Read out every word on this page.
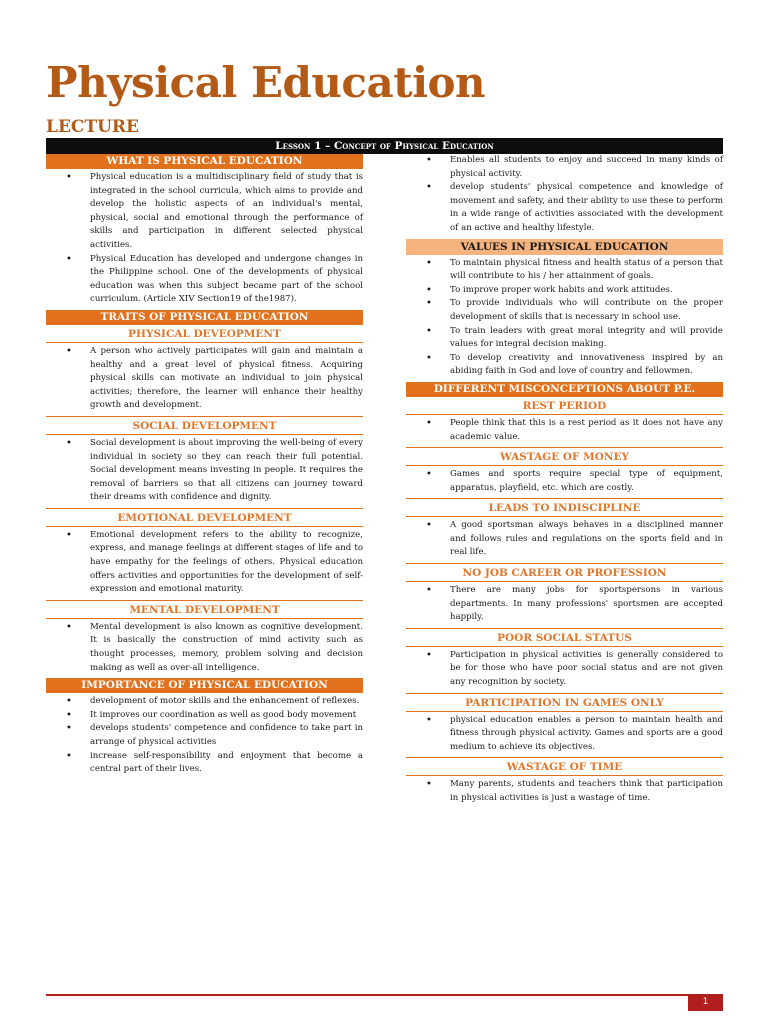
Physical Education
LECTURE
Lesson 1 – Concept of Physical Education
WHAT IS PHYSICAL EDUCATION
• Physical education is a multidisciplinary field of study that is integrated in the school curricula, which aims to provide and develop the holistic aspects of an individual's mental, physical, social and emotional through the performance of skills and participation in different selected physical activities.
• Physical Education has developed and undergone changes in the Philippine school. One of the developments of physical education was when this subject became part of the school curriculum. (Article XIV Section19 of the1987).
TRAITS OF PHYSICAL EDUCATION
PHYSICAL DEVEOPMENT
• A person who actively participates will gain and maintain a healthy and a great level of physical fitness. Acquiring physical skills can motivate an individual to join physical activities; therefore, the learner will enhance their healthy growth and development.
SOCIAL DEVELOPMENT
• Social development is about improving the well-being of every individual in society so they can reach their full potential. Social development means investing in people. It requires the removal of barriers so that all citizens can journey toward their dreams with confidence and dignity.
EMOTIONAL DEVELOPMENT
• Emotional development refers to the ability to recognize, express, and manage feelings at different stages of life and to have empathy for the feelings of others. Physical education offers activities and opportunities for the development of self-expression and emotional maturity.
MENTAL DEVELOPMENT
• Mental development is also known as cognitive development. It is basically the construction of mind activity such as thought processes, memory, problem solving and decision making as well as over-all intelligence.
IMPORTANCE OF PHYSICAL EDUCATION
• development of motor skills and the enhancement of reflexes.
• It improves our coordination as well as good body movement
• develops students' competence and confidence to take part in arrange of physical activities
• increase self-responsibility and enjoyment that become a central part of their lives.
• Enables all students to enjoy and succeed in many kinds of physical activity.
• develop students' physical competence and knowledge of movement and safety, and their ability to use these to perform in a wide range of activities associated with the development of an active and healthy lifestyle.
VALUES IN PHYSICAL EDUCATION
• To maintain physical fitness and health status of a person that will contribute to his / her attainment of goals.
• To improve proper work habits and work attitudes.
• To provide individuals who will contribute on the proper development of skills that is necessary in school use.
• To train leaders with great moral integrity and will provide values for integral decision making.
• To develop creativity and innovativeness inspired by an abiding faith in God and love of country and fellowmen.
DIFFERENT MISCONCEPTIONS ABOUT P.E.
REST PERIOD
• People think that this is a rest period as it does not have any academic value.
WASTAGE OF MONEY
• Games and sports require special type of equipment, apparatus, playfield, etc. which are costly.
LEADS TO INDISCIPLINE
• A good sportsman always behaves in a disciplined manner and follows rules and regulations on the sports field and in real life.
NO JOB CAREER OR PROFESSION
• There are many jobs for sportspersons in various departments. In many professions' sportsmen are accepted happily.
POOR SOCIAL STATUS
• Participation in physical activities is generally considered to be for those who have poor social status and are not given any recognition by society.
PARTICIPATION IN GAMES ONLY
• physical education enables a person to maintain health and fitness through physical activity. Games and sports are a good medium to achieve its objectives.
WASTAGE OF TIME
• Many parents, students and teachers think that participation in physical activities is just a wastage of time.
1
